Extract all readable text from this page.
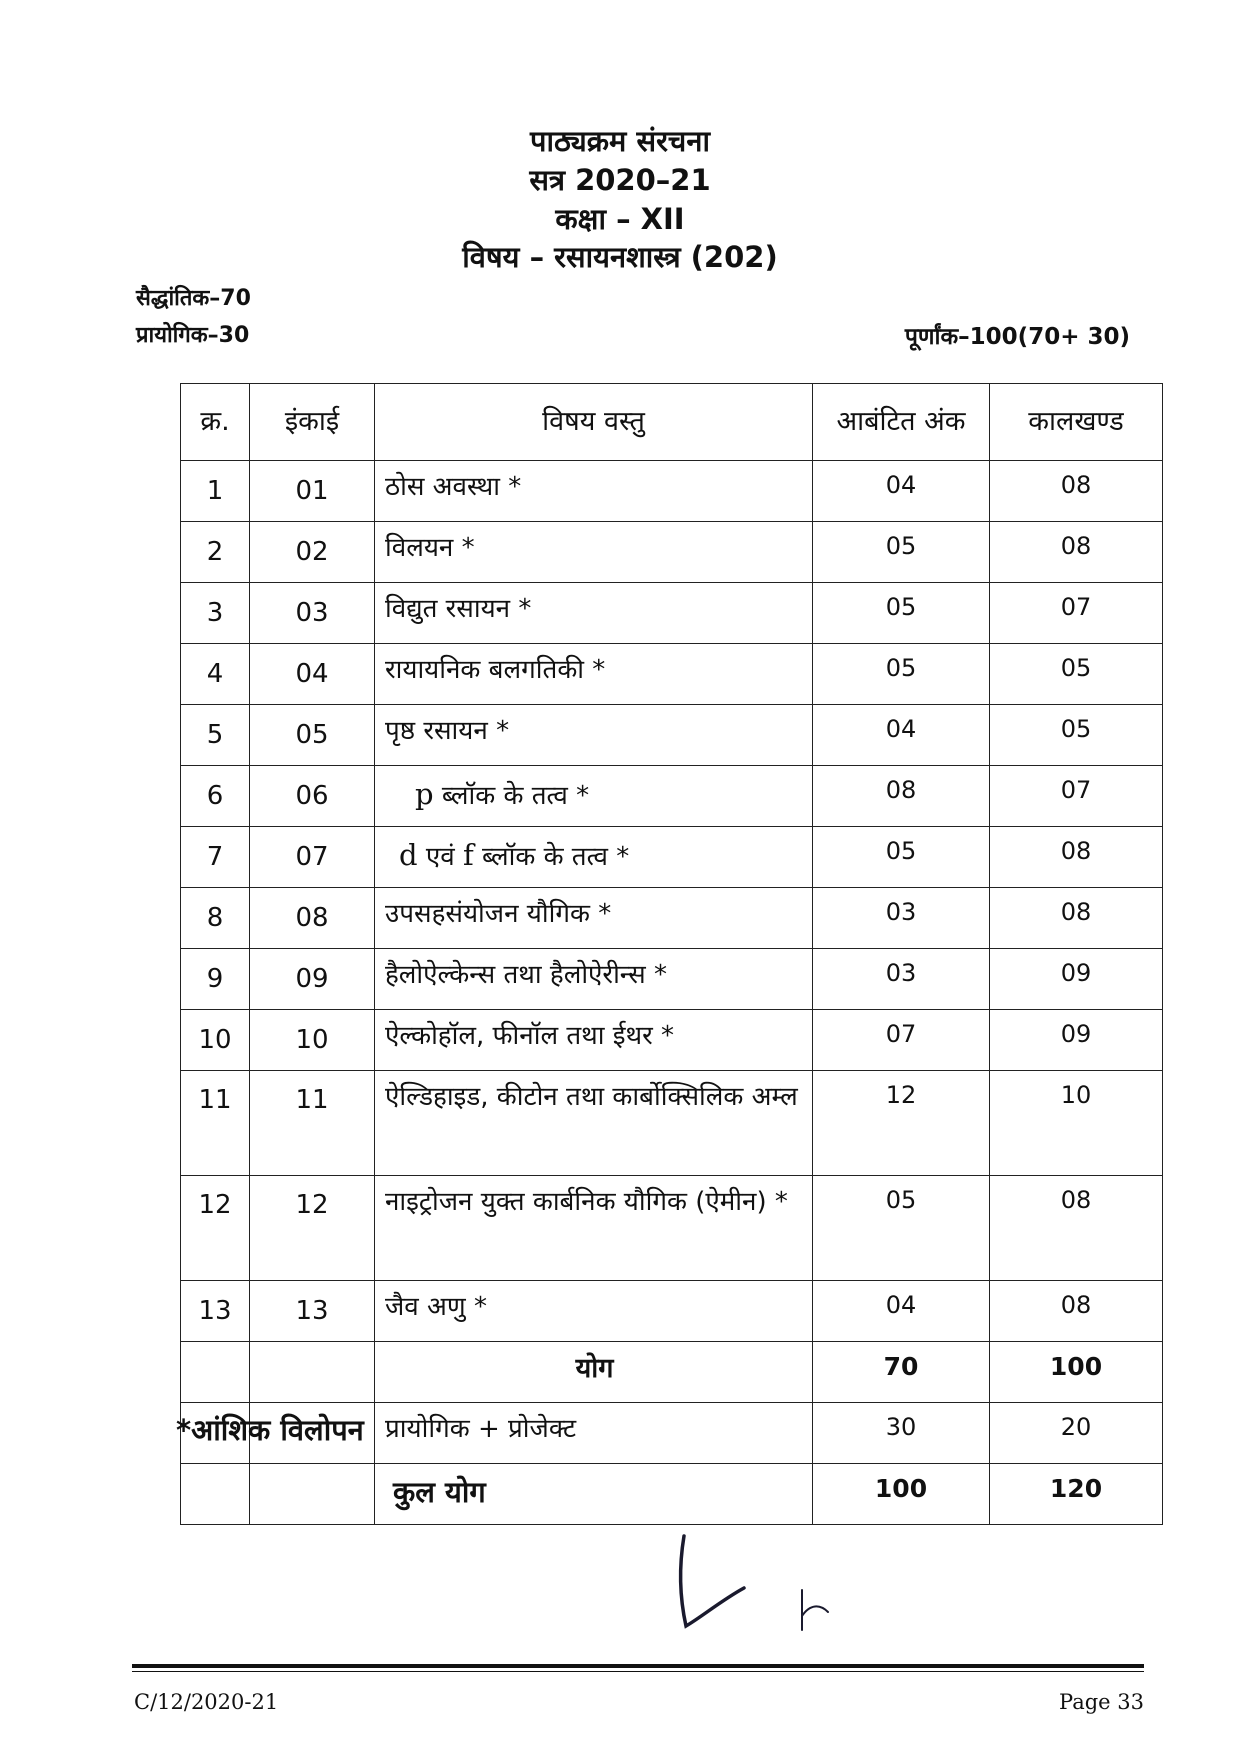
पाठ्यक्रम संरचना
सत्र 2020–21
कक्षा – XII
विषय – रसायनशास्त्र (202)
सैद्धांतिक–70
प्रायोगिक–30	पूर्णांक–100(70+ 30)
क्र.	इंकाई	विषय वस्तु	आबंटित अंक	कालखण्ड
1	01	ठोस अवस्था *	04	08
2	02	विलयन *	05	08
3	03	विद्युत रसायन *	05	07
4	04	रायायनिक बलगतिकी *	05	05
5	05	पृष्ठ रसायन *	04	05
6	06	p ब्लॉक के तत्व *	08	07
7	07	d एवं f ब्लॉक के तत्व *	05	08
8	08	उपसहसंयोजन यौगिक *	03	08
9	09	हैलोऐल्केन्स तथा हैलोऐरीन्स *	03	09
10	10	ऐल्कोहॉल, फीनॉल तथा ईथर *	07	09
11	11	ऐल्डिहाइड, कीटोन तथा कार्बोक्सिलिक अम्ल	12	10
12	12	नाइट्रोजन युक्त कार्बनिक यौगिक (ऐमीन) *	05	08
13	13	जैव अणु *	04	08
		योग	70	100
		प्रायोगिक + प्रोजेक्ट	30	20
		कुल योग	100	120
*आंशिक विलोपन
C/12/2020-21	Page 33
